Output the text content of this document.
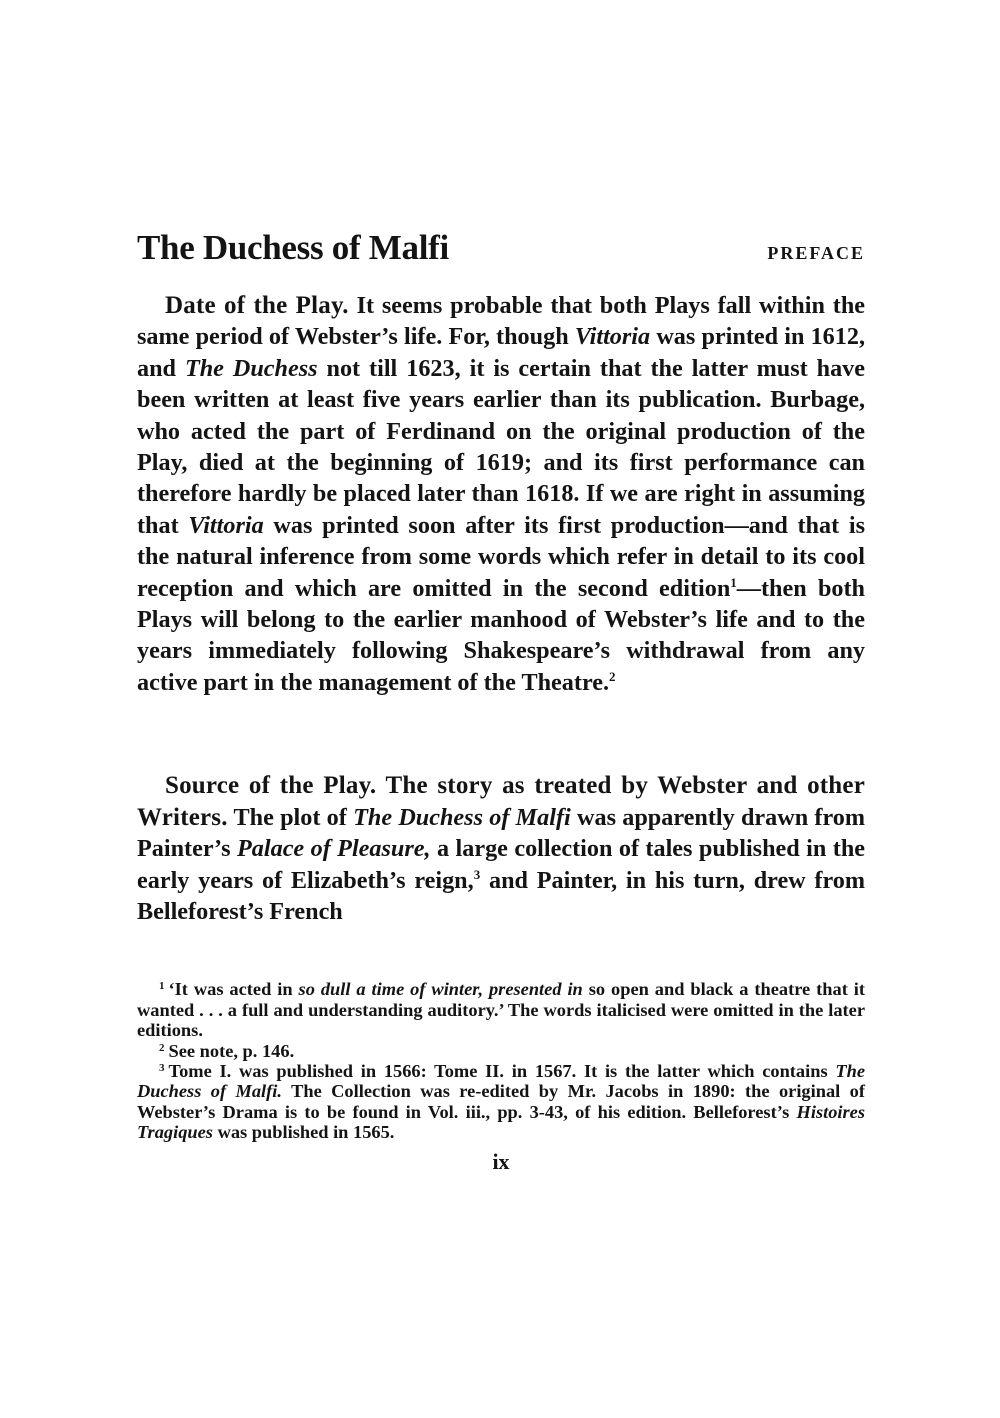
The Duchess of Malfi	PREFACE

Date of the Play. It seems probable that both Plays fall within the same period of Webster’s life. For, though Vittoria was printed in 1612, and The Duchess not till 1623, it is certain that the latter must have been written at least five years earlier than its publication. Burbage, who acted the part of Ferdinand on the original production of the Play, died at the beginning of 1619; and its first performance can therefore hardly be placed later than 1618. If we are right in assuming that Vittoria was printed soon after its first production—and that is the natural inference from some words which refer in detail to its cool reception and which are omitted in the second edition$^1$—then both Plays will belong to the earlier manhood of Webster’s life and to the years immediately following Shakespeare’s withdrawal from any active part in the management of the Theatre.$^2$

Source of the Play. The story as treated by Webster and other Writers. The plot of The Duchess of Malfi was apparently drawn from Painter’s Palace of Pleasure, a large collection of tales published in the early years of Elizabeth’s reign,$^3$ and Painter, in his turn, drew from Belleforest’s French

$^1$ ‘It was acted in so dull a time of winter, presented in so open and black a theatre that it wanted . . . a full and understanding auditory.’ The words italicised were omitted in the later editions.

$^2$ See note, p. 146.

$^3$ Tome I. was published in 1566: Tome II. in 1567. It is the latter which contains The Duchess of Malfi. The Collection was re-edited by Mr. Jacobs in 1890: the original of Webster’s Drama is to be found in Vol. iii., pp. 3-43, of his edition. Belleforest’s Histoires Tragiques was published in 1565.

ix
